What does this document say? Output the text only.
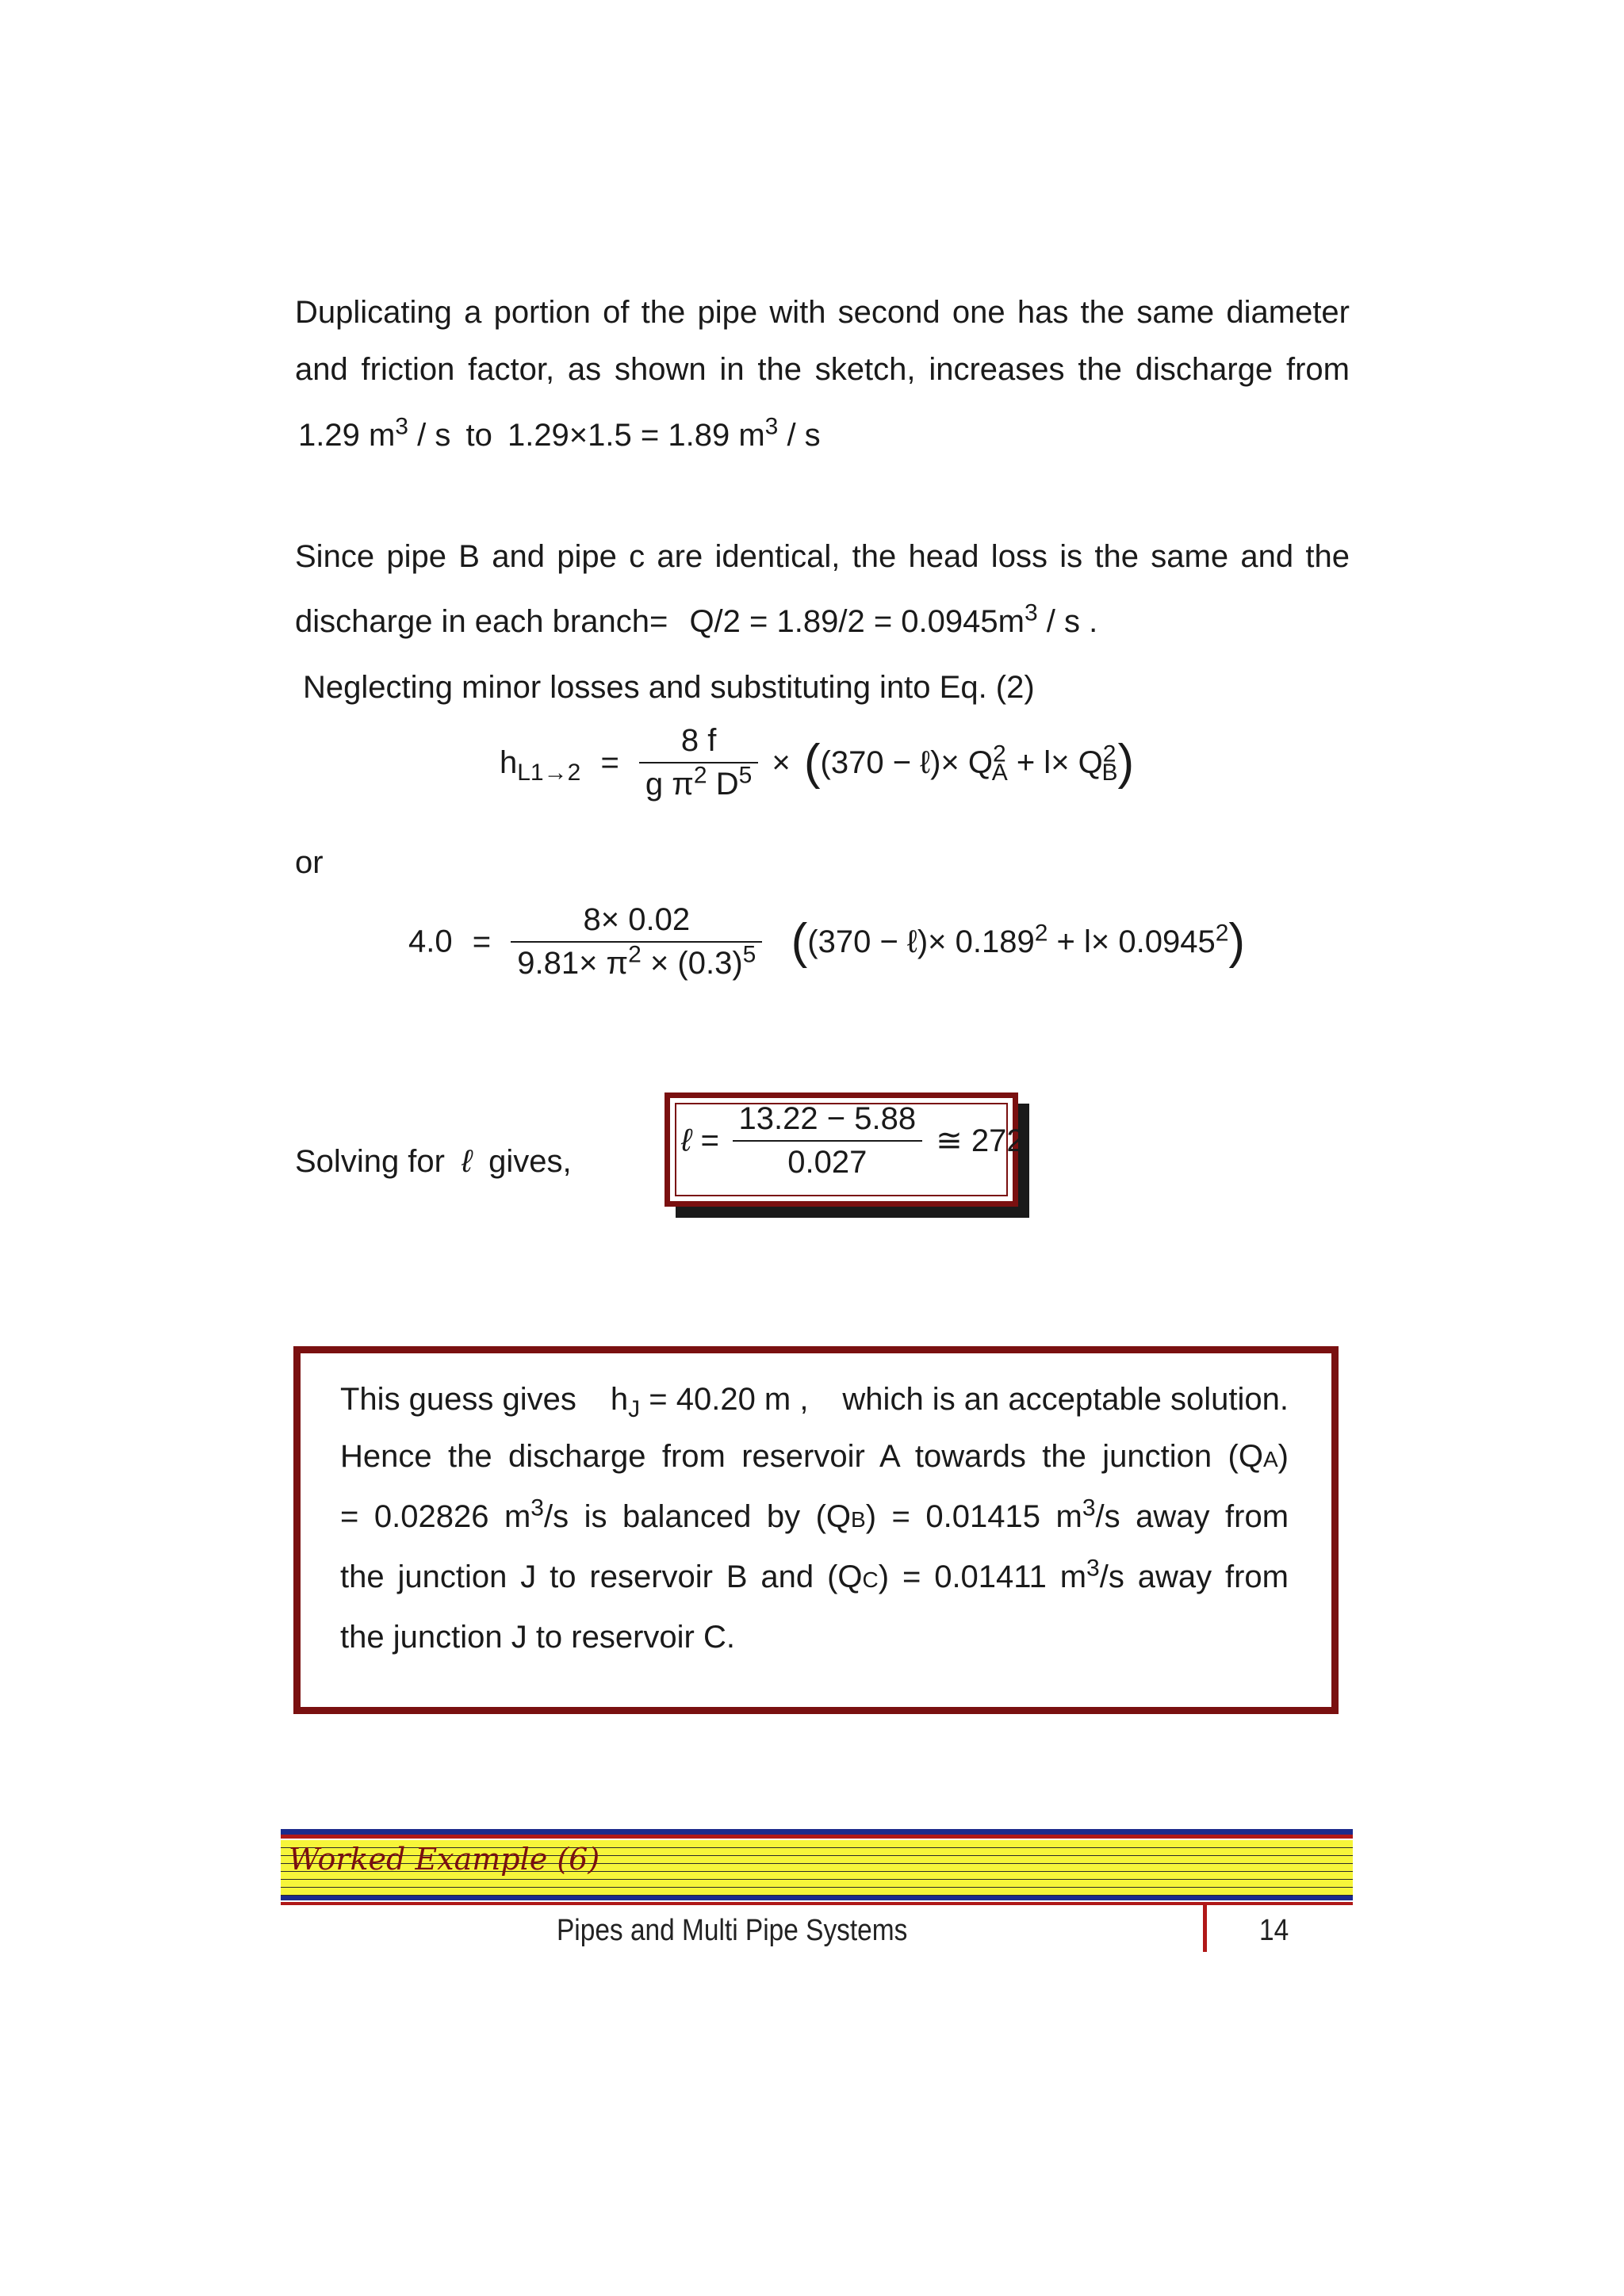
Duplicating a portion of the pipe with second one has the same diameter
and friction factor, as shown in the sketch, increases the discharge from
1.29 $m^3$ / s to 1.29×1.5 = 1.89 $m^3$ / s
Since pipe B and pipe c are identical, the head loss is the same and the
discharge in each branch= $Q/2 = 1.89/2 = 0.0945m^3 / s$ .
Neglecting minor losses and substituting into Eq. (2)
$h_{L1\to 2} = \frac{8 f}{g \pi^2 D^5} \times ((370$ − ℓ)× $Q^2_A + l\times Q^2_B$)
or
$4.0 = \frac{8\times 0.02}{9.81\times \pi^2 \times (0.3)^5} ((370$ − ℓ)× $0.189^2 + l\times 0.0945^2$)
Solving for ℓ gives,
ℓ = $\frac{13.22 - 5.88}{0.027}$ ≅ 272
This guess gives $h_J = 40.20$ m , which is an acceptable solution.
Hence the discharge from reservoir A towards the junction (QA)
= 0.02826 $m^3/s$ is balanced by (QB) = 0.01415 $m^3/s$ away from
the junction J to reservoir B and (QC) = 0.01411 $m^3/s$ away from
the junction J to reservoir C.
Worked Example (6)
Pipes and Multi Pipe Systems	14
